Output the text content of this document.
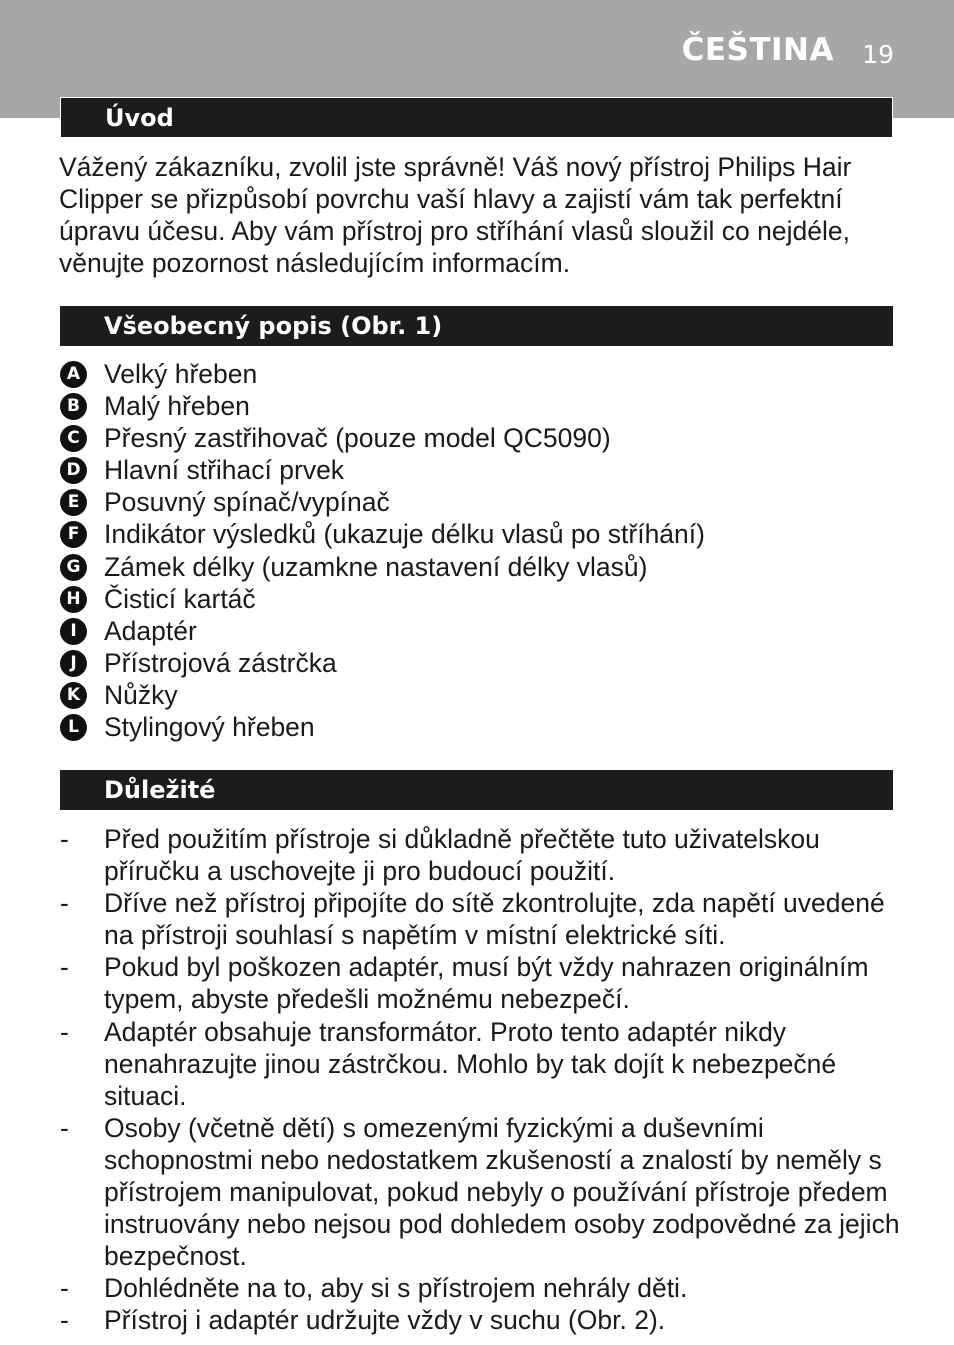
ČEŠTINA 19
Úvod

Vážený zákazníku, zvolil jste správně! Váš nový přístroj Philips Hair Clipper se přizpůsobí povrchu vaší hlavy a zajistí vám tak perfektní úpravu účesu. Aby vám přístroj pro stříhání vlasů sloužil co nejdéle, věnujte pozornost následujícím informacím.

Všeobecný popis (Obr. 1)
A Velký hřeben
B Malý hřeben
C Přesný zastřihovač (pouze model QC5090)
D Hlavní střihací prvek
E Posuvný spínač/vypínač
F Indikátor výsledků (ukazuje délku vlasů po stříhání)
G Zámek délky (uzamkne nastavení délky vlasů)
H Čisticí kartáč
I	Adaptér
J	Přístrojová zástrčka
K Nůžky
L Stylingový hřeben
Důležité
- Před použitím přístroje si důkladně přečtěte tuto uživatelskou příručku a uschovejte ji pro budoucí použití.
- Dříve než přístroj připojíte do sítě zkontrolujte, zda napětí uvedené na přístroji souhlasí s napětím v místní elektrické síti.
- Pokud byl poškozen adaptér, musí být vždy nahrazen originálním typem, abyste předešli možnému nebezpečí.
- Adaptér obsahuje transformátor. Proto tento adaptér nikdy nenahrazujte jinou zástrčkou. Mohlo by tak dojít k nebezpečné situaci.
- Osoby (včetně dětí) s omezenými fyzickými a duševními schopnostmi nebo nedostatkem zkušeností a znalostí by neměly s přístrojem manipulovat, pokud nebyly o používání přístroje předem instruovány nebo nejsou pod dohledem osoby zodpovědné za jejich bezpečnost.
- Dohlédněte na to, aby si s přístrojem nehrály děti.
- Přístroj i adaptér udržujte vždy v suchu (Obr. 2).
